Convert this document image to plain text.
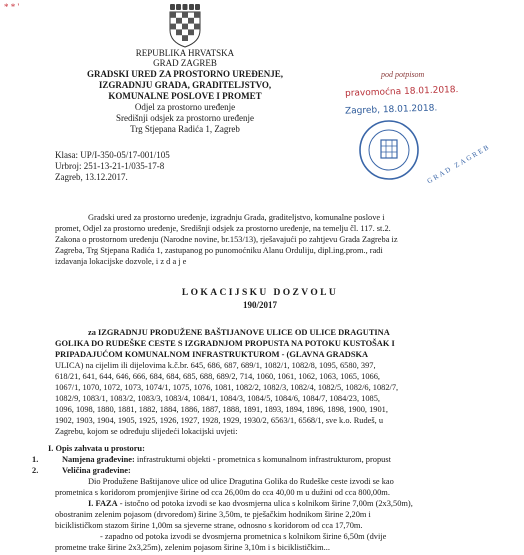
* * '
REPUBLIKA HRVATSKA
GRAD ZAGREB
GRADSKI URED ZA PROSTORNO UREĐENJE,
IZGRADNJU GRADA, GRADITELJSTVO,
KOMUNALNE POSLOVE I PROMET
Odjel za prostorno uređenje
Središnji odsjek za prostorno uređenje
Trg Stjepana Radića 1, Zagreb
Klasa: UP/I-350-05/17-001/105
Urbroj: 251-13-21-1/035-17-8
Zagreb, 13.12.2017.
pod potpisom
pravomoćna 18.01.2018.
Zagreb, 18.01.2018.
GRAD ZAGREB
Gradski ured za prostorno uređenje, izgradnju Grada, graditeljstvo, komunalne poslove i
promet, Odjel za prostorno uređenje, Središnji odsjek za prostorno uređenje, na temelju čl. 117. st.2.
Zakona o prostornom uređenju (Narodne novine, br.153/13), rješavajući po zahtjevu Grada Zagreba iz
Zagreba, Trg Stjepana Radića 1, zastupanog po punomoćniku Alanu Orduliju, dipl.ing.prom., radi
izdavanja lokacijske dozvole, i z d a j e
LOKACIJSKU DOZVOLU
190/2017
za IZGRADNJU PRODUŽENE BAŠTIJANOVE ULICE OD ULICE DRAGUTINA
GOLIKA DO RUDEŠKE CESTE S IZGRADNJOM PROPUSTA NA POTOKU KUSTOŠAK I
PRIPADAJUĆOM KOMUNALNOM INFRASTRUKTUROM - (GLAVNA GRADSKA
ULICA) na cijelim ili dijelovima k.č.br. 645, 686, 687, 689/1, 1082/1, 1082/8, 1095, 6580, 397,
618/21, 641, 644, 646, 666, 684, 684, 685, 688, 689/2, 714, 1060, 1061, 1062, 1063, 1065, 1066,
1067/1, 1070, 1072, 1073, 1074/1, 1075, 1076, 1081, 1082/2, 1082/3, 1082/4, 1082/5, 1082/6, 1082/7,
1082/9, 1083/1, 1083/2, 1083/3, 1083/4, 1084/1, 1084/3, 1084/5, 1084/6, 1084/7, 1084/23, 1085,
1096, 1098, 1880, 1881, 1882, 1884, 1886, 1887, 1888, 1891, 1893, 1894, 1896, 1898, 1900, 1901,
1902, 1903, 1904, 1905, 1925, 1926, 1927, 1928, 1929, 1930/2, 6563/1, 6568/1, sve k.o. Rudeš, u
Zagrebu, kojom se određuju slijedeći lokacijski uvjeti:
I. Opis zahvata u prostoru:
1.	Namjena građevine: infrastrukturni objekti - prometnica s komunalnom infrastrukturom, propust
2.	Veličina građevine:
Dio Produžene Baštijanove ulice od ulice Dragutina Golika do Rudeške ceste izvodi se kao
prometnica s koridorom promjenjive širine od cca 26,00m do cca 40,00 m u dužini od cca 800,00m.
I. FAZA - istočno od potoka izvodi se kao dvosmjerna ulica s kolnikom širine 7,00m (2x3,50m),
obostranim zelenim pojasom (drvoredom) širine 3,50m, te pješačkim hodnikom širine 2,20m i
biciklističkom stazom širine 1,00m sa sjeverne strane, odnosno s koridorom od cca 17,70m.
- zapadno od potoka izvodi se dvosmjerna prometnica s kolnikom širine 6,50m (dvije
prometne trake širine 2x3,25m), zelenim pojasom širine 3,10m i s biciklističkim...
